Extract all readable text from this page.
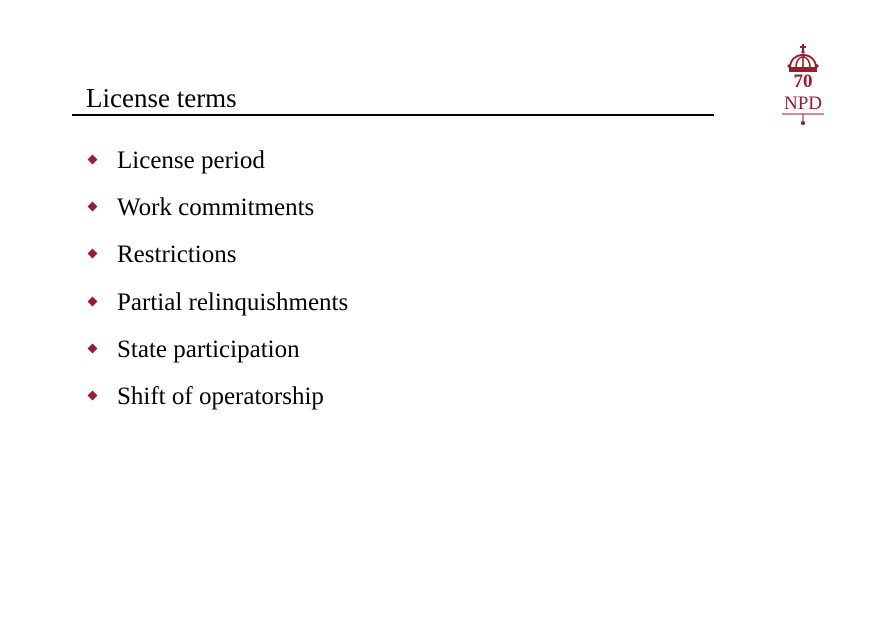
License terms
License period
Work commitments
Restrictions
Partial relinquishments
State participation
Shift of operatorship
70
NPD
